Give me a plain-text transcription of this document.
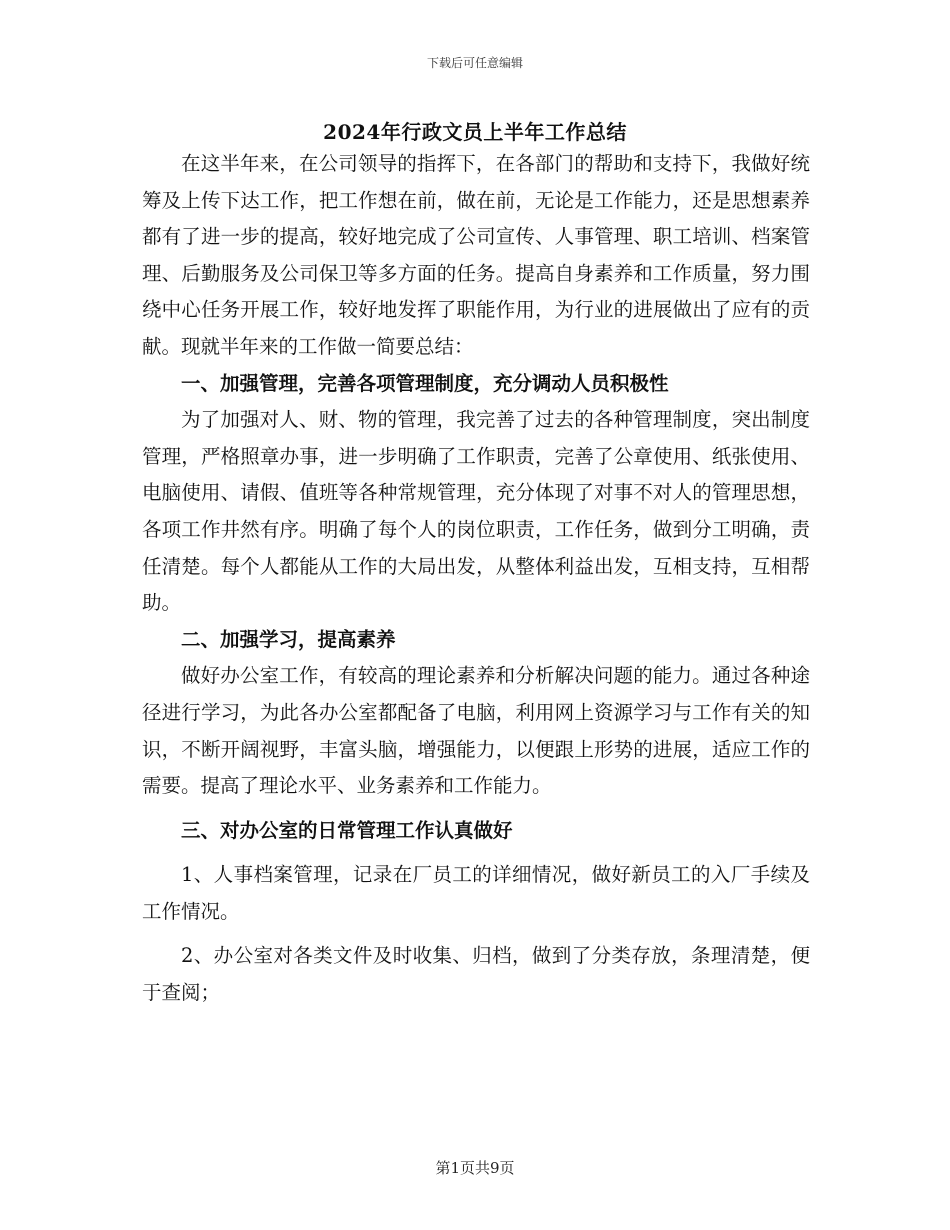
下载后可任意编辑
2024年行政文员上半年工作总结

在这半年来，在公司领导的指挥下，在各部门的帮助和支持下，我做好统筹及上传下达工作，把工作想在前，做在前，无论是工作能力，还是思想素养都有了进一步的提高，较好地完成了公司宣传、人事管理、职工培训、档案管理、后勤服务及公司保卫等多方面的任务。提高自身素养和工作质量，努力围绕中心任务开展工作，较好地发挥了职能作用，为行业的进展做出了应有的贡献。现就半年来的工作做一简要总结：

一、加强管理，完善各项管理制度，充分调动人员积极性

为了加强对人、财、物的管理，我完善了过去的各种管理制度，突出制度管理，严格照章办事，进一步明确了工作职责，完善了公章使用、纸张使用、电脑使用、请假、值班等各种常规管理，充分体现了对事不对人的管理思想，各项工作井然有序。明确了每个人的岗位职责，工作任务，做到分工明确，责任清楚。每个人都能从工作的大局出发，从整体利益出发，互相支持，互相帮助。

二、加强学习，提高素养

做好办公室工作，有较高的理论素养和分析解决问题的能力。通过各种途径进行学习，为此各办公室都配备了电脑，利用网上资源学习与工作有关的知识，不断开阔视野，丰富头脑，增强能力，以便跟上形势的进展，适应工作的需要。提高了理论水平、业务素养和工作能力。

三、对办公室的日常管理工作认真做好

1、人事档案管理，记录在厂员工的详细情况，做好新员工的入厂手续及工作情况。

2、办公室对各类文件及时收集、归档，做到了分类存放，条理清楚，便于查阅；

第1页共9页
